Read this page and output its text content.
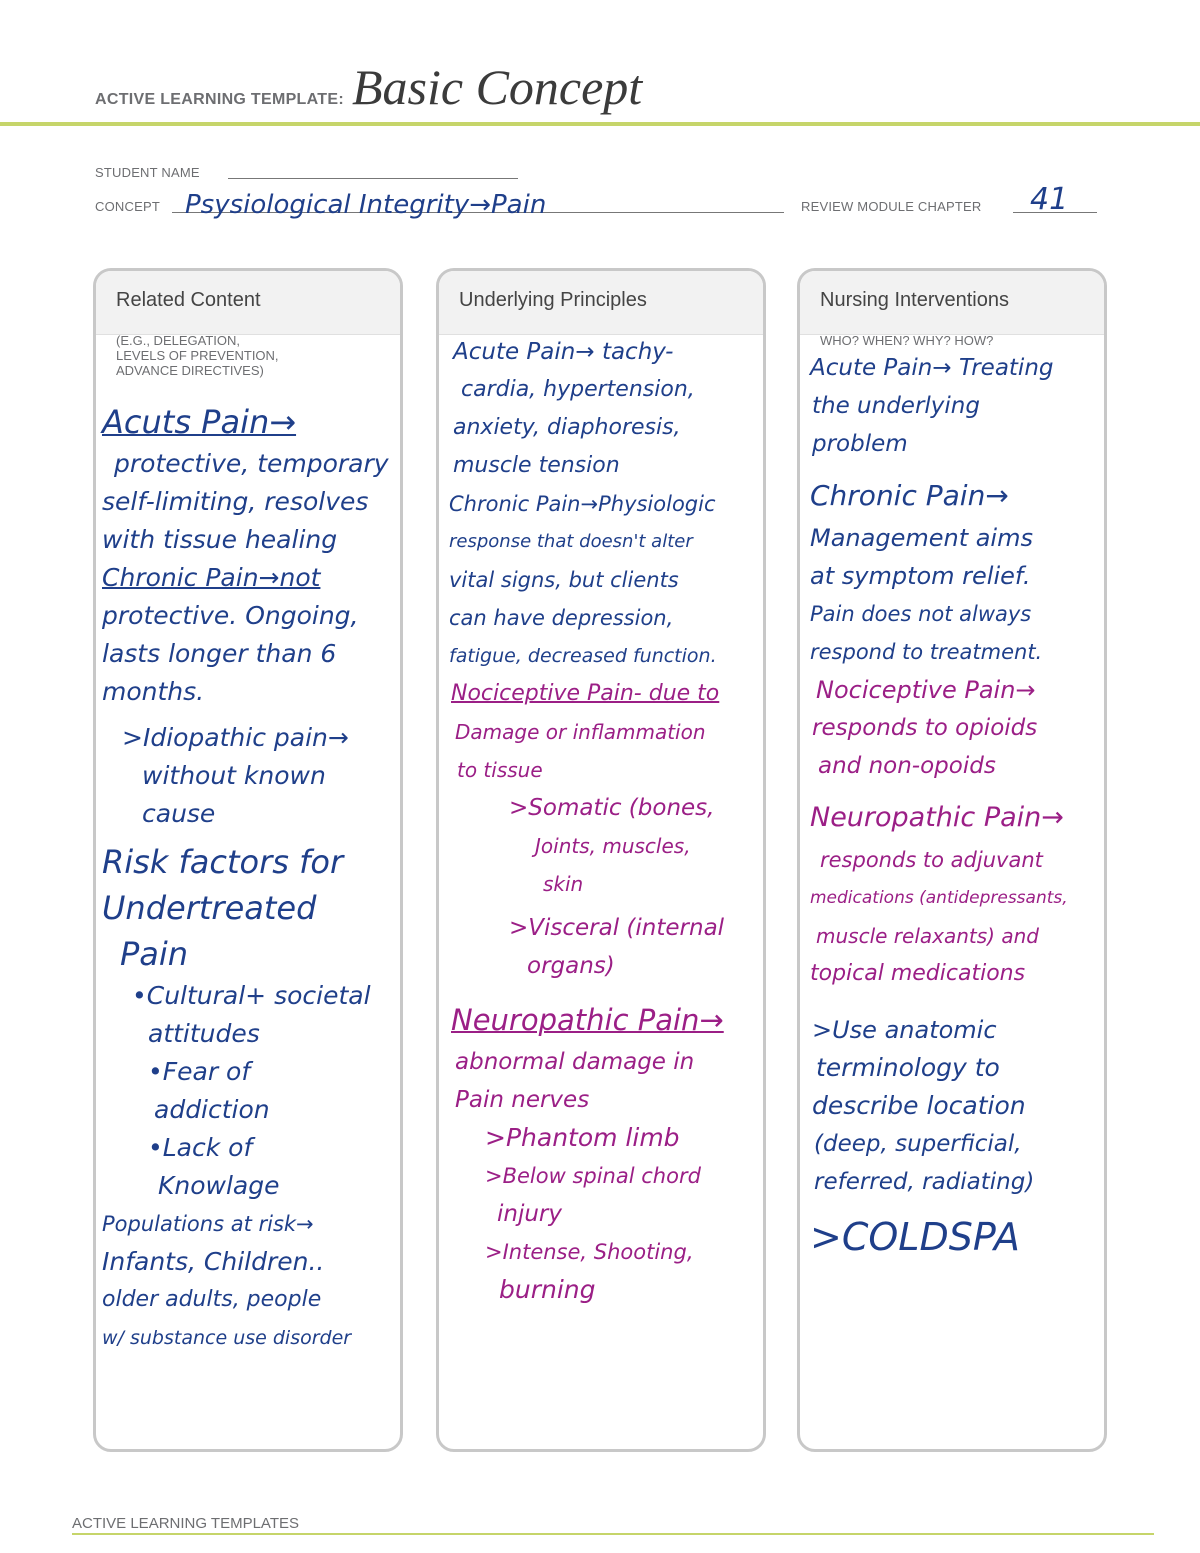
ACTIVE LEARNING TEMPLATE: Basic Concept
STUDENT NAME
CONCEPT Psysiological Integrity→Pain	REVIEW MODULE CHAPTER 41
Related Content
(E.G., DELEGATION,
LEVELS OF PREVENTION,
ADVANCE DIRECTIVES)
Acuts Pain→
protective, temporary
self-limiting, resolves
with tissue healing
Chronic Pain→not
protective. Ongoing,
lasts longer than 6
months.
>Idiopathic pain→
without known
cause
Risk factors for
Undertreated
Pain
•Cultural+ societal
attitudes
•Fear of
addiction
•Lack of
Knowlage
Populations at risk→
Infants, Children..
older adults, people
w/ substance use disorder
Underlying Principles
Acute Pain→ tachy-
cardia, hypertension,
anxiety, diaphoresis,
muscle tension
Chronic Pain→Physiologic
response that doesn't alter
vital signs, but clients
can have depression,
fatigue, decreased function.
Nociceptive Pain- due to
Damage or inflammation
to tissue
>Somatic (bones,
Joints, muscles,
skin
>Visceral (internal
organs)
Neuropathic Pain→
abnormal damage in
Pain nerves
>Phantom limb
>Below spinal chord
injury
>Intense, Shooting,
burning
Nursing Interventions
WHO? WHEN? WHY? HOW?
Acute Pain→ Treating
the underlying
problem
Chronic Pain→
Management aims
at symptom relief.
Pain does not always
respond to treatment.
Nociceptive Pain→
responds to opioids
and non-opoids
Neuropathic Pain→
responds to adjuvant
medications (antidepressants,
muscle relaxants) and
topical medications
>Use anatomic
terminology to
describe location
(deep, superficial,
referred, radiating)
>COLDSPA
ACTIVE LEARNING TEMPLATES
